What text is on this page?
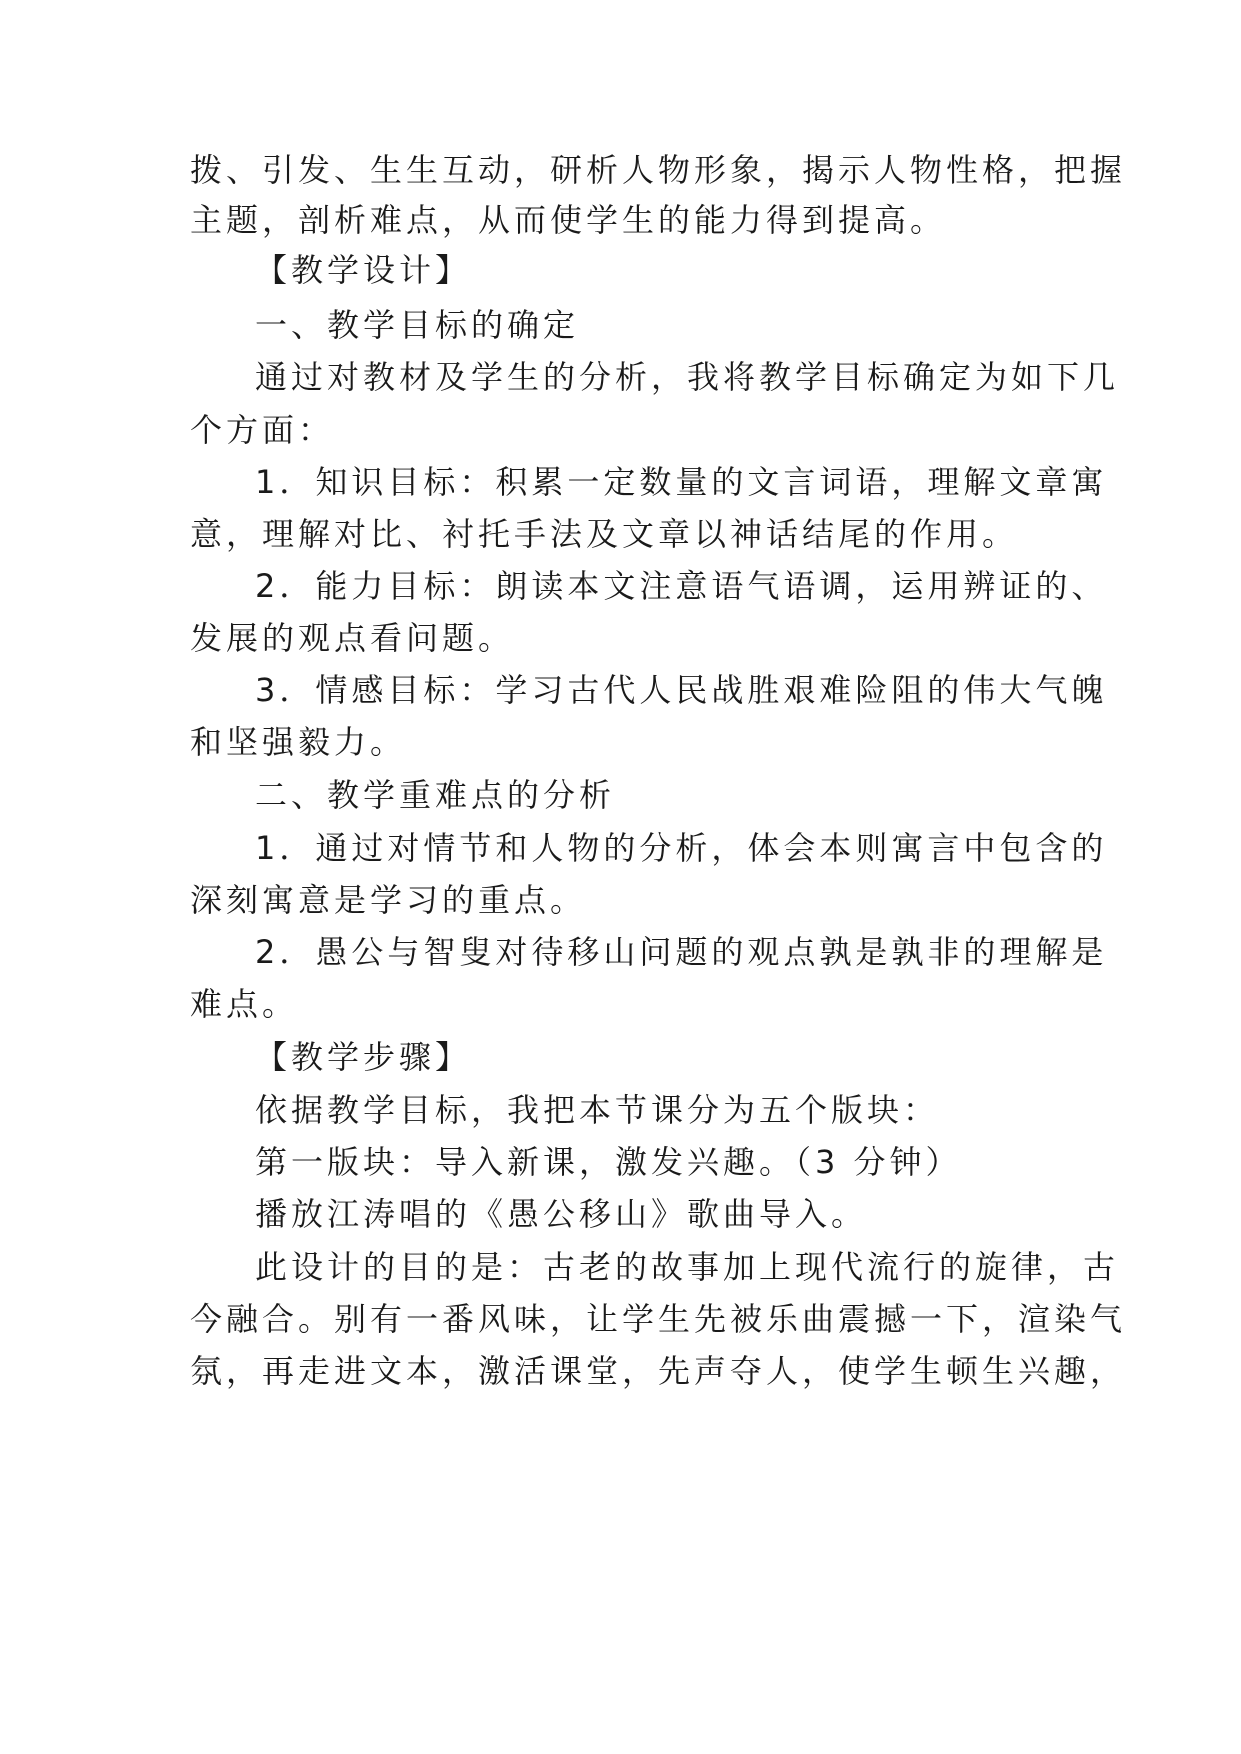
拨、引发、生生互动，研析人物形象，揭示人物性格，把握
主题，剖析难点，从而使学生的能力得到提高。
【教学设计】
一、教学目标的确定
通过对教材及学生的分析，我将教学目标确定为如下几
个方面：
1．知识目标：积累一定数量的文言词语，理解文章寓
意，理解对比、衬托手法及文章以神话结尾的作用。
2．能力目标：朗读本文注意语气语调，运用辨证的、
发展的观点看问题。
3．情感目标：学习古代人民战胜艰难险阻的伟大气魄
和坚强毅力。
二、教学重难点的分析
1．通过对情节和人物的分析，体会本则寓言中包含的
深刻寓意是学习的重点。
2．愚公与智叟对待移山问题的观点孰是孰非的理解是
难点。
【教学步骤】
依据教学目标，我把本节课分为五个版块：
第一版块：导入新课，激发兴趣。（3 分钟）
播放江涛唱的《愚公移山》歌曲导入。
此设计的目的是：古老的故事加上现代流行的旋律，古
今融合。别有一番风味，让学生先被乐曲震撼一下，渲染气
氛，再走进文本，激活课堂，先声夺人，使学生顿生兴趣，
